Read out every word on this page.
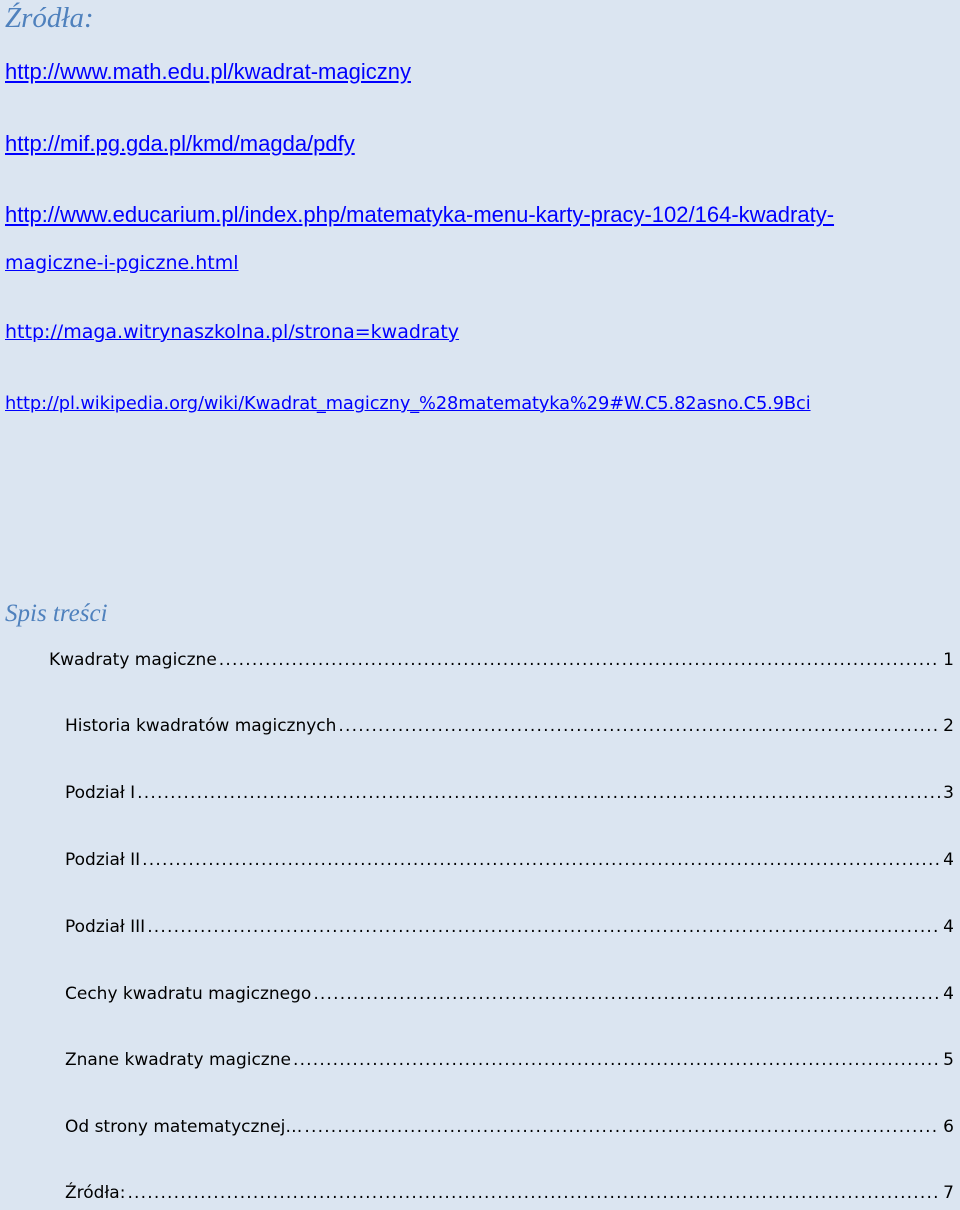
Źródła:
http://www.math.edu.pl/kwadrat-magiczny
http://mif.pg.gda.pl/kmd/magda/pdfy
http://www.educarium.pl/index.php/matematyka-menu-karty-pracy-102/164-kwadraty-
magiczne-i-pgiczne.html
http://maga.witrynaszkolna.pl/strona=kwadraty
http://pl.wikipedia.org/wiki/Kwadrat_magiczny_%28matematyka%29#W.C5.82asno.C5.9Bci
Spis treści
Kwadraty magiczne .....	1
Historia kwadratów magicznych .....	2
Podział I .....	3
Podział II .....	4
Podział III .....	4
Cechy kwadratu magicznego .....	4
Znane kwadraty magiczne .....	5
Od strony matematycznej… .....	6
Źródła: .....	7
